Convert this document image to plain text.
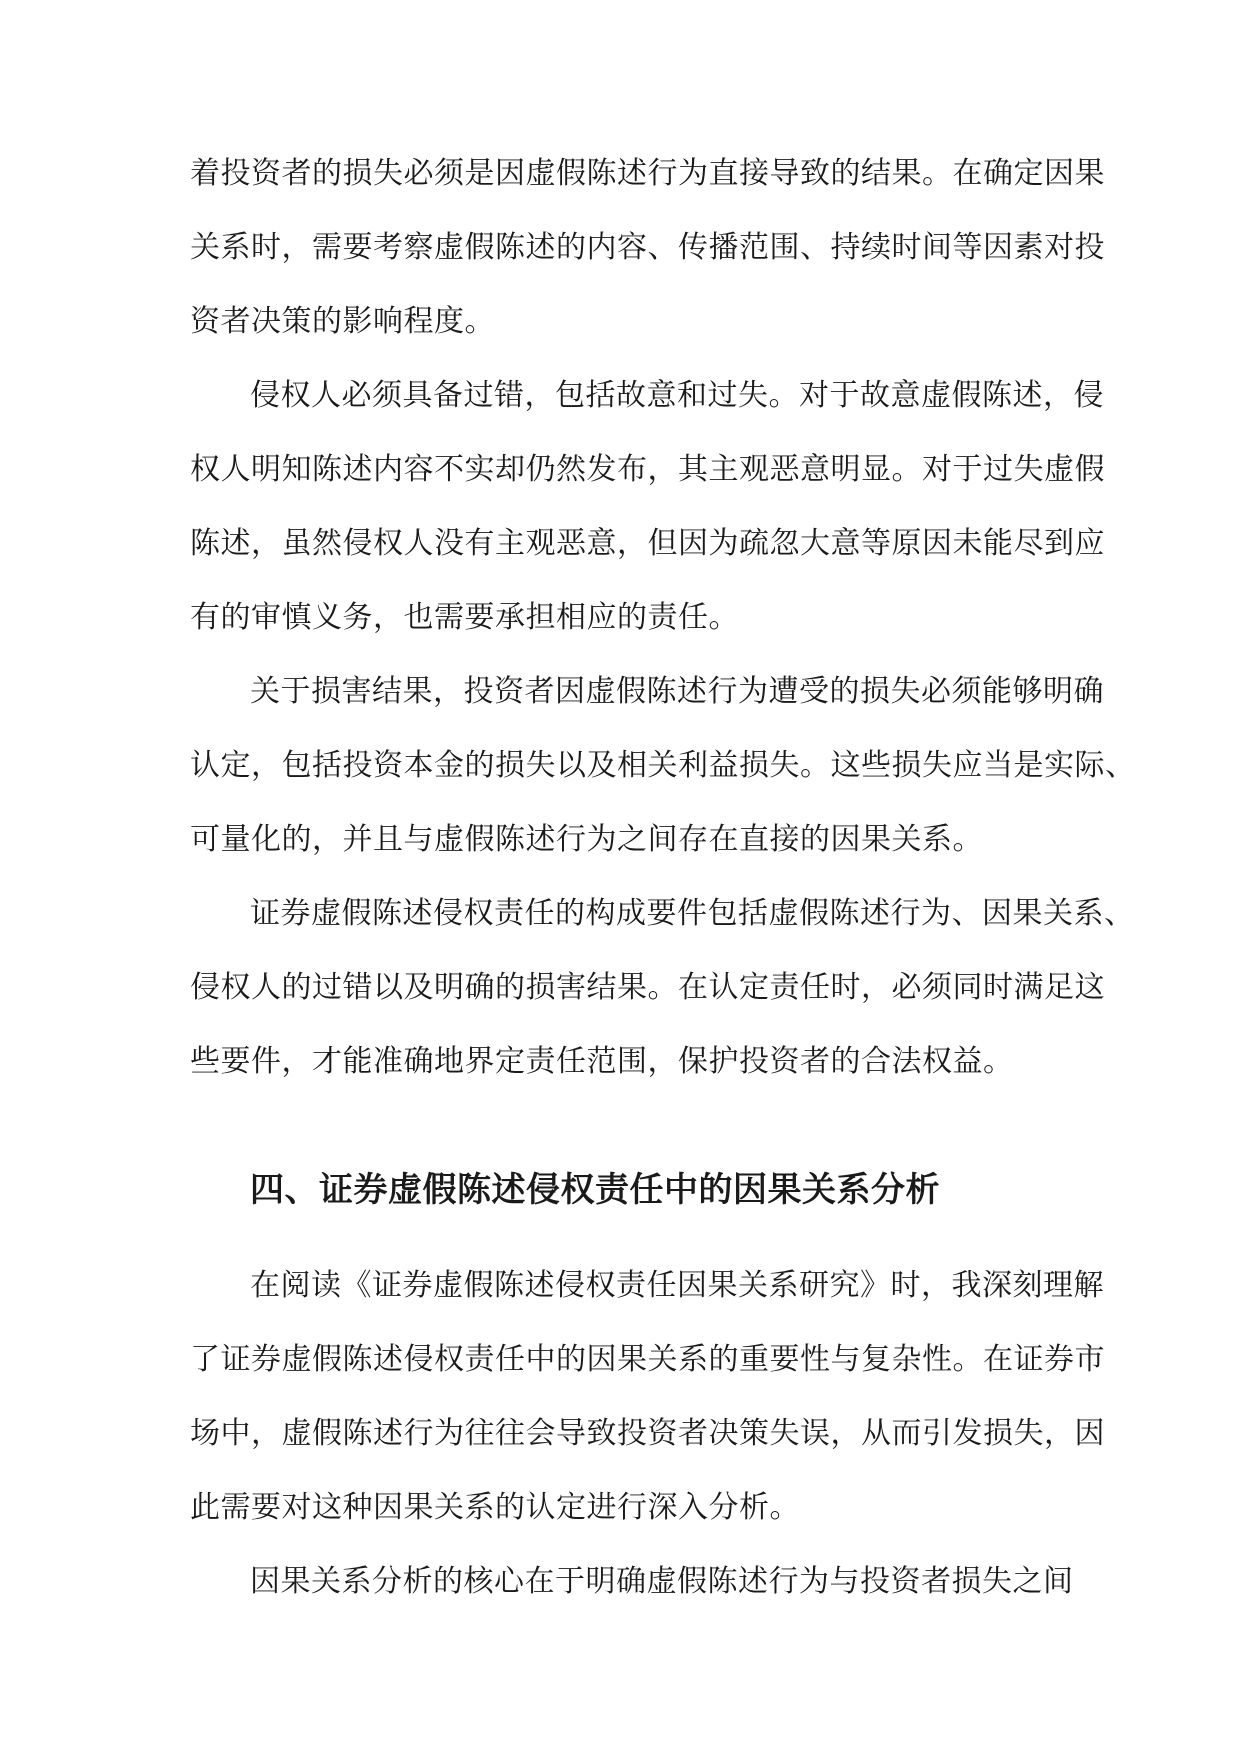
着投资者的损失必须是因虚假陈述行为直接导致的结果。在确定因果
关系时，需要考察虚假陈述的内容、传播范围、持续时间等因素对投
资者决策的影响程度。
侵权人必须具备过错，包括故意和过失。对于故意虚假陈述，侵
权人明知陈述内容不实却仍然发布，其主观恶意明显。对于过失虚假
陈述，虽然侵权人没有主观恶意，但因为疏忽大意等原因未能尽到应
有的审慎义务，也需要承担相应的责任。
关于损害结果，投资者因虚假陈述行为遭受的损失必须能够明确
认定，包括投资本金的损失以及相关利益损失。这些损失应当是实际、
可量化的，并且与虚假陈述行为之间存在直接的因果关系。
证券虚假陈述侵权责任的构成要件包括虚假陈述行为、因果关系、
侵权人的过错以及明确的损害结果。在认定责任时，必须同时满足这
些要件，才能准确地界定责任范围，保护投资者的合法权益。
四、证券虚假陈述侵权责任中的因果关系分析
在阅读《证券虚假陈述侵权责任因果关系研究》时，我深刻理解
了证券虚假陈述侵权责任中的因果关系的重要性与复杂性。在证券市
场中，虚假陈述行为往往会导致投资者决策失误，从而引发损失，因
此需要对这种因果关系的认定进行深入分析。
因果关系分析的核心在于明确虚假陈述行为与投资者损失之间
